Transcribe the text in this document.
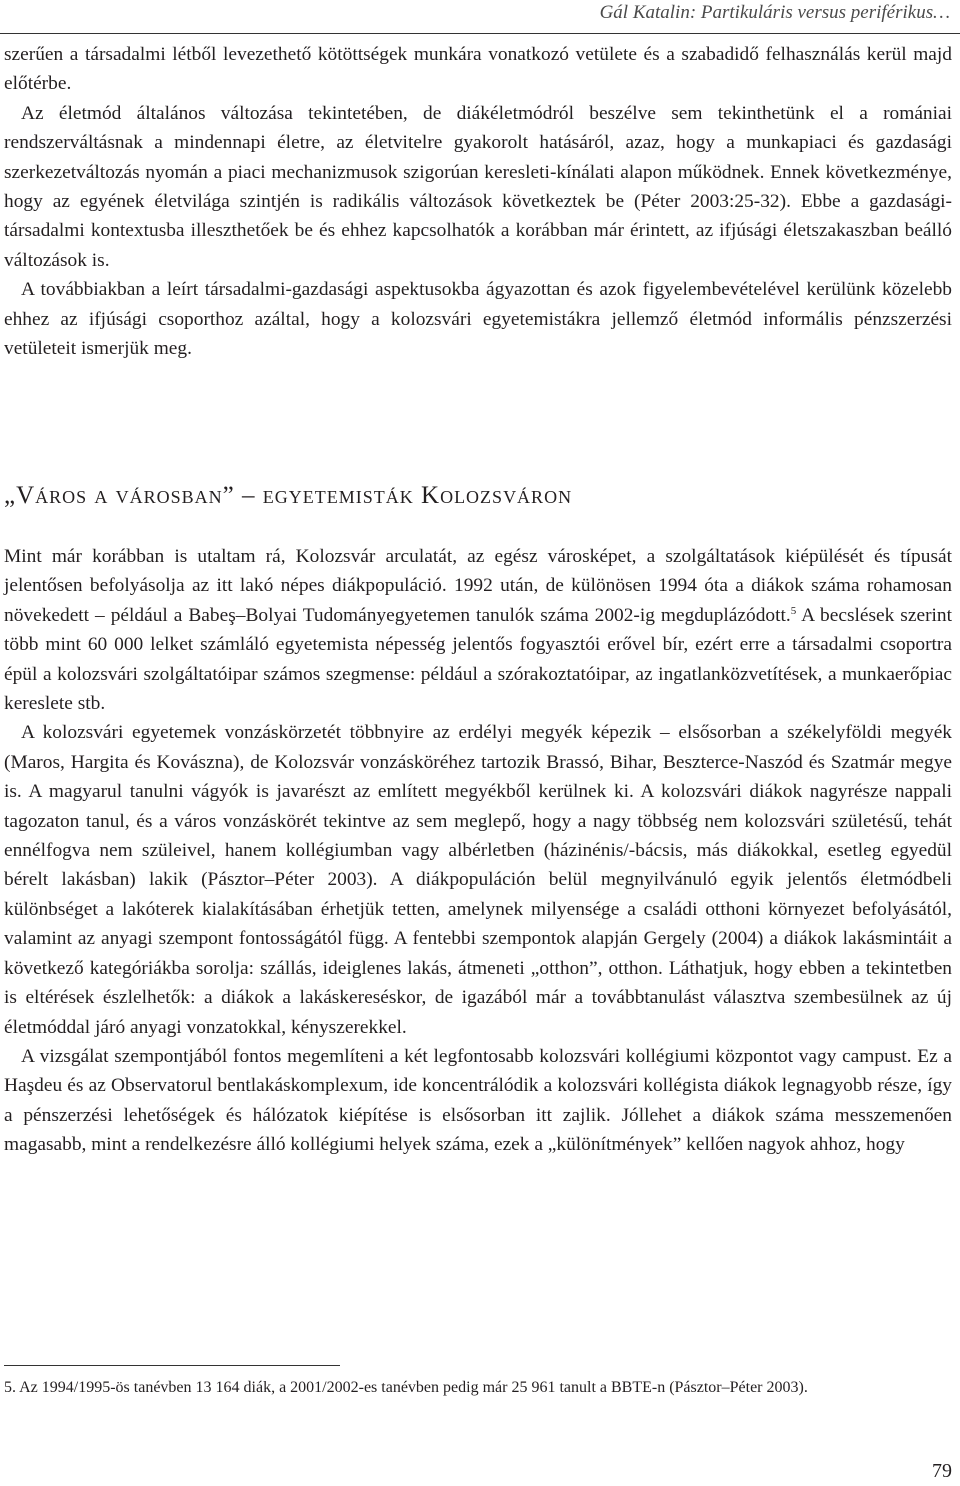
Gál Katalin: Partikuláris versus periférikus…

szerűen a társadalmi létből levezethető kötöttségek munkára vonatkozó vetülete és a szabadidő felhasználás kerül majd előtérbe.

Az életmód általános változása tekintetében, de diákéletmódról beszélve sem tekinthetünk el a romániai rendszerváltásnak a mindennapi életre, az életvitelre gyakorolt hatásáról, azaz, hogy a munkapiaci és gazdasági szerkezetváltozás nyomán a piaci mechanizmusok szigorúan keresleti-kínálati alapon működnek. Ennek következménye, hogy az egyének életvilága szintjén is radikális változások következtek be (Péter 2003:25-32). Ebbe a gazdasági-társadalmi kontextusba illeszthetőek be és ehhez kapcsolhatók a korábban már érintett, az ifjúsági életszakaszban beálló változások is.

A továbbiakban a leírt társadalmi-gazdasági aspektusokba ágyazottan és azok figyelembevételével kerülünk közelebb ehhez az ifjúsági csoporthoz azáltal, hogy a kolozsvári egyetemistákra jellemző életmód informális pénzszerzési vetületeit ismerjük meg.

„Város a városban” – egyetemisták Kolozsváron

Mint már korábban is utaltam rá, Kolozsvár arculatát, az egész városképet, a szolgáltatások kiépülését és típusát jelentősen befolyásolja az itt lakó népes diákpopuláció. 1992 után, de különösen 1994 óta a diákok száma rohamosan növekedett – például a Babeş–Bolyai Tudományegyetemen tanulók száma 2002-ig megduplázódott.$^5$ A becslések szerint több mint 60 000 lelket számláló egyetemista népesség jelentős fogyasztói erővel bír, ezért erre a társadalmi csoportra épül a kolozsvári szolgáltatóipar számos szegmense: például a szórakoztatóipar, az ingatlanközvetítések, a munkaerőpiac kereslete stb.

A kolozsvári egyetemek vonzáskörzetét többnyire az erdélyi megyék képezik – elsősorban a székelyföldi megyék (Maros, Hargita és Kovászna), de Kolozsvár vonzásköréhez tartozik Brassó, Bihar, Beszterce-Naszód és Szatmár megye is. A magyarul tanulni vágyók is javarészt az említett megyékből kerülnek ki. A kolozsvári diákok nagyrésze nappali tagozaton tanul, és a város vonzáskörét tekintve az sem meglepő, hogy a nagy többség nem kolozsvári születésű, tehát ennélfogva nem szüleivel, hanem kollégiumban vagy albérletben (házinénis/-bácsis, más diákokkal, esetleg egyedül bérelt lakásban) lakik (Pásztor–Péter 2003). A diákpopuláción belül megnyilvánuló egyik jelentős életmódbeli különbséget a lakóterek kialakításában érhetjük tetten, amelynek milyensége a családi otthoni környezet befolyásától, valamint az anyagi szempont fontosságától függ. A fentebbi szempontok alapján Gergely (2004) a diákok lakásmintáit a következő kategóriákba sorolja: szállás, ideiglenes lakás, átmeneti „otthon”, otthon. Láthatjuk, hogy ebben a tekintetben is eltérések észlelhetők: a diákok a lakáskereséskor, de igazából már a továbbtanulást választva szembesülnek az új életmóddal járó anyagi vonzatokkal, kényszerekkel.

A vizsgálat szempontjából fontos megemlíteni a két legfontosabb kolozsvári kollégiumi központot vagy campust. Ez a Haşdeu és az Observatorul bentlakáskomplexum, ide koncentrálódik a kolozsvári kollégista diákok legnagyobb része, így a pénszerzési lehetőségek és hálózatok kiépítése is elsősorban itt zajlik. Jóllehet a diákok száma messzemenően magasabb, mint a rendelkezésre álló kollégiumi helyek száma, ezek a „különítmények” kellően nagyok ahhoz, hogy

5. Az 1994/1995-ös tanévben 13 164 diák, a 2001/2002-es tanévben pedig már 25 961 tanult a BBTE-n (Pásztor–Péter 2003).

79
